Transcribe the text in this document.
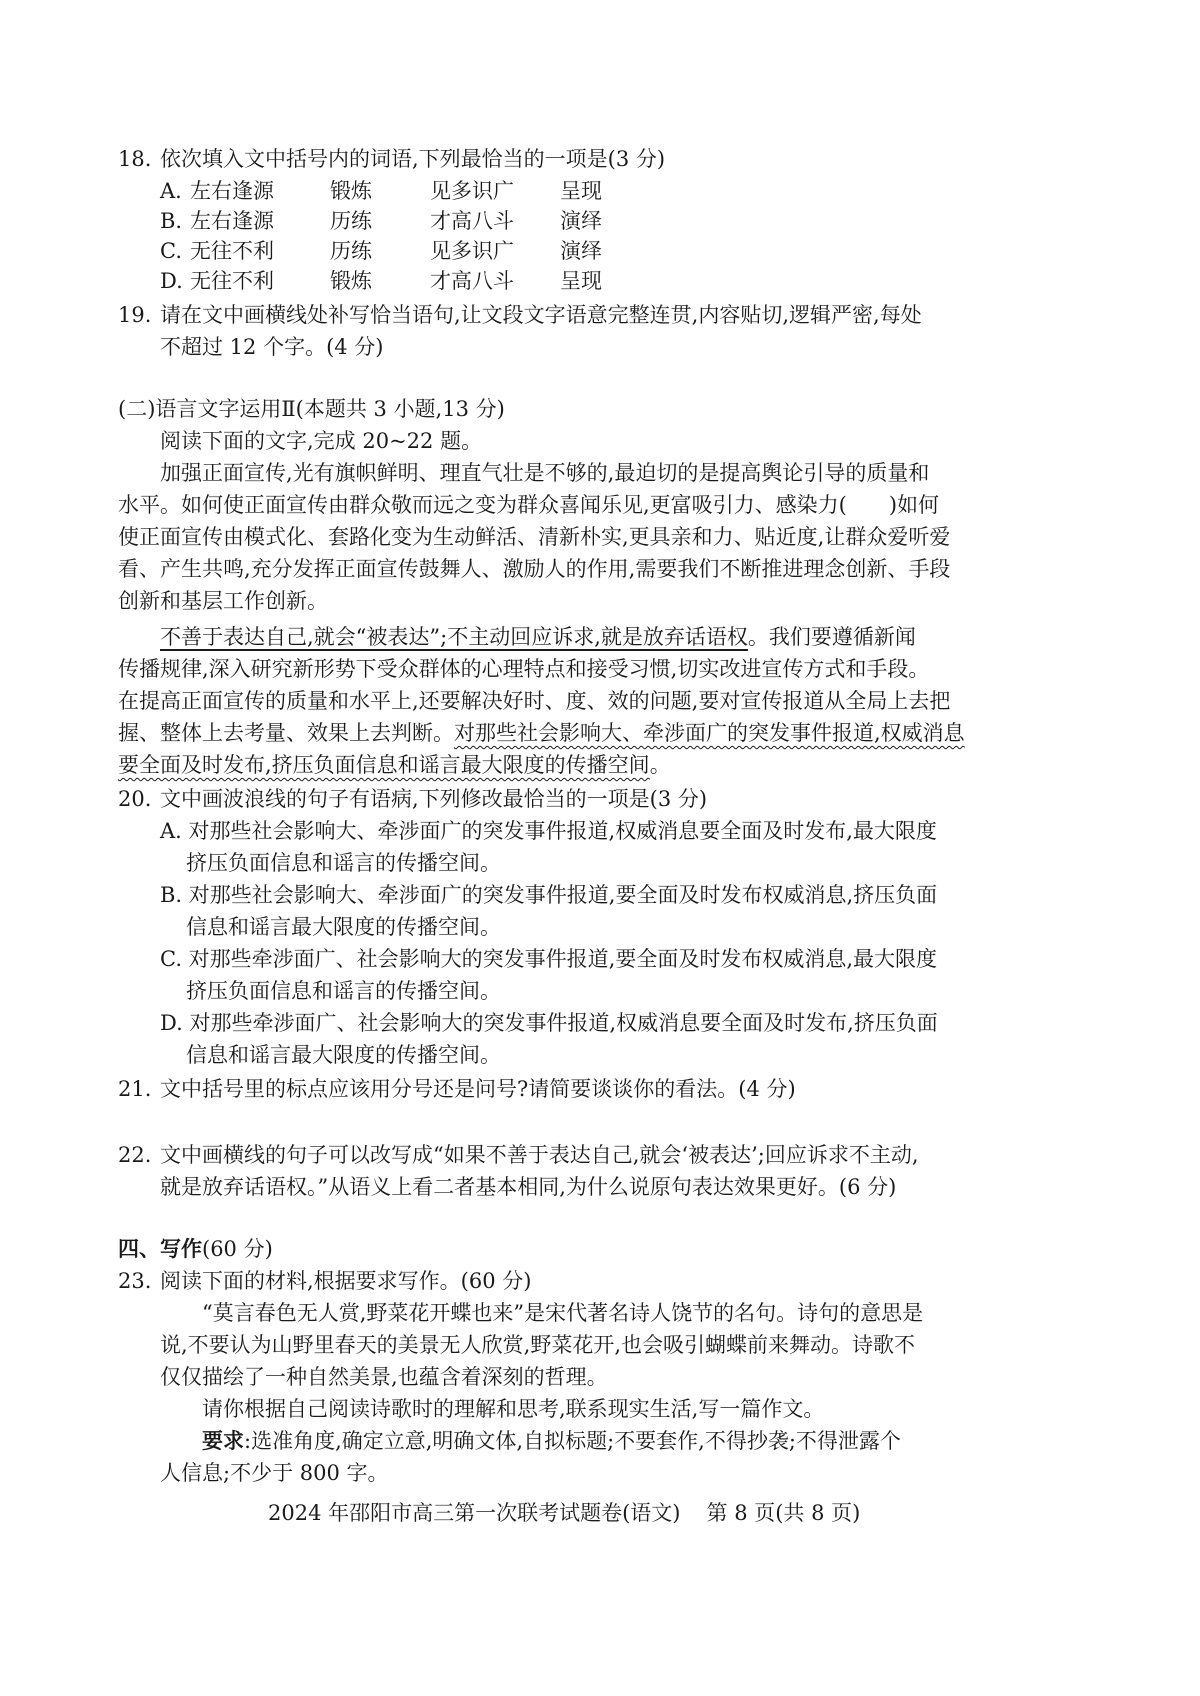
18. 依次填入文中括号内的词语,下列最恰当的一项是(3 分)
A. 左右逢源	锻炼	见多识广 呈现
B. 左右逢源	历练	才高八斗 演绎
C. 无往不利	历练	见多识广 演绎
D. 无往不利	锻炼	才高八斗 呈现
19. 请在文中画横线处补写恰当语句,让文段文字语意完整连贯,内容贴切,逻辑严密,每处
不超过 12 个字。(4 分)
(二)语言文字运用Ⅱ(本题共 3 小题,13 分)
阅读下面的文字,完成 20~22 题。
加强正面宣传,光有旗帜鲜明、理直气壮是不够的,最迫切的是提高舆论引导的质量和
水平。如何使正面宣传由群众敬而远之变为群众喜闻乐见,更富吸引力、感染力(　　)如何
使正面宣传由模式化、套路化变为生动鲜活、清新朴实,更具亲和力、贴近度,让群众爱听爱
看、产生共鸣,充分发挥正面宣传鼓舞人、激励人的作用,需要我们不断推进理念创新、手段
创新和基层工作创新。
不善于表达自己,就会“被表达”;不主动回应诉求,就是放弃话语权。我们要遵循新闻
传播规律,深入研究新形势下受众群体的心理特点和接受习惯,切实改进宣传方式和手段。
在提高正面宣传的质量和水平上,还要解决好时、度、效的问题,要对宣传报道从全局上去把
握、整体上去考量、效果上去判断。对那些社会影响大、牵涉面广的突发事件报道,权威消息
要全面及时发布,挤压负面信息和谣言最大限度的传播空间。
20. 文中画波浪线的句子有语病,下列修改最恰当的一项是(3 分)
A. 对那些社会影响大、牵涉面广的突发事件报道,权威消息要全面及时发布,最大限度
挤压负面信息和谣言的传播空间。
B. 对那些社会影响大、牵涉面广的突发事件报道,要全面及时发布权威消息,挤压负面
信息和谣言最大限度的传播空间。
C. 对那些牵涉面广、社会影响大的突发事件报道,要全面及时发布权威消息,最大限度
挤压负面信息和谣言的传播空间。
D. 对那些牵涉面广、社会影响大的突发事件报道,权威消息要全面及时发布,挤压负面
信息和谣言最大限度的传播空间。
21. 文中括号里的标点应该用分号还是问号?请简要谈谈你的看法。(4 分)
22. 文中画横线的句子可以改写成“如果不善于表达自己,就会‘被表达’;回应诉求不主动,
就是放弃话语权。”从语义上看二者基本相同,为什么说原句表达效果更好。(6 分)
四、写作(60 分)
23. 阅读下面的材料,根据要求写作。(60 分)
“莫言春色无人赏,野菜花开蝶也来”是宋代著名诗人饶节的名句。诗句的意思是
说,不要认为山野里春天的美景无人欣赏,野菜花开,也会吸引蝴蝶前来舞动。诗歌不
仅仅描绘了一种自然美景,也蕴含着深刻的哲理。
请你根据自己阅读诗歌时的理解和思考,联系现实生活,写一篇作文。
要求:选准角度,确定立意,明确文体,自拟标题;不要套作,不得抄袭;不得泄露个
人信息;不少于 800 字。
2024 年邵阳市高三第一次联考试题卷(语文) 第 8 页(共 8 页)
